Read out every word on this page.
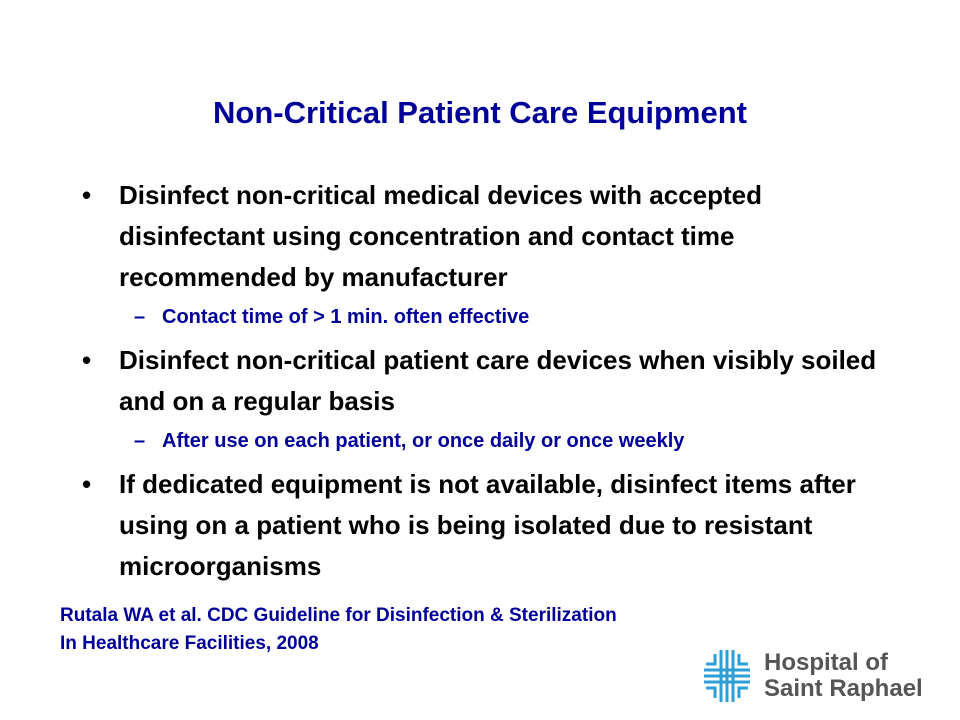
Non-Critical Patient Care Equipment
• Disinfect non-critical medical devices with accepted disinfectant using concentration and contact time recommended by manufacturer
– Contact time of > 1 min. often effective
• Disinfect non-critical patient care devices when visibly soiled and on a regular basis
– After use on each patient, or once daily or once weekly
• If dedicated equipment is not available, disinfect items after using on a patient who is being isolated due to resistant microorganisms

Rutala WA et al. CDC Guideline for Disinfection & Sterilization
In Healthcare Facilities, 2008

Hospital of
Saint Raphael
